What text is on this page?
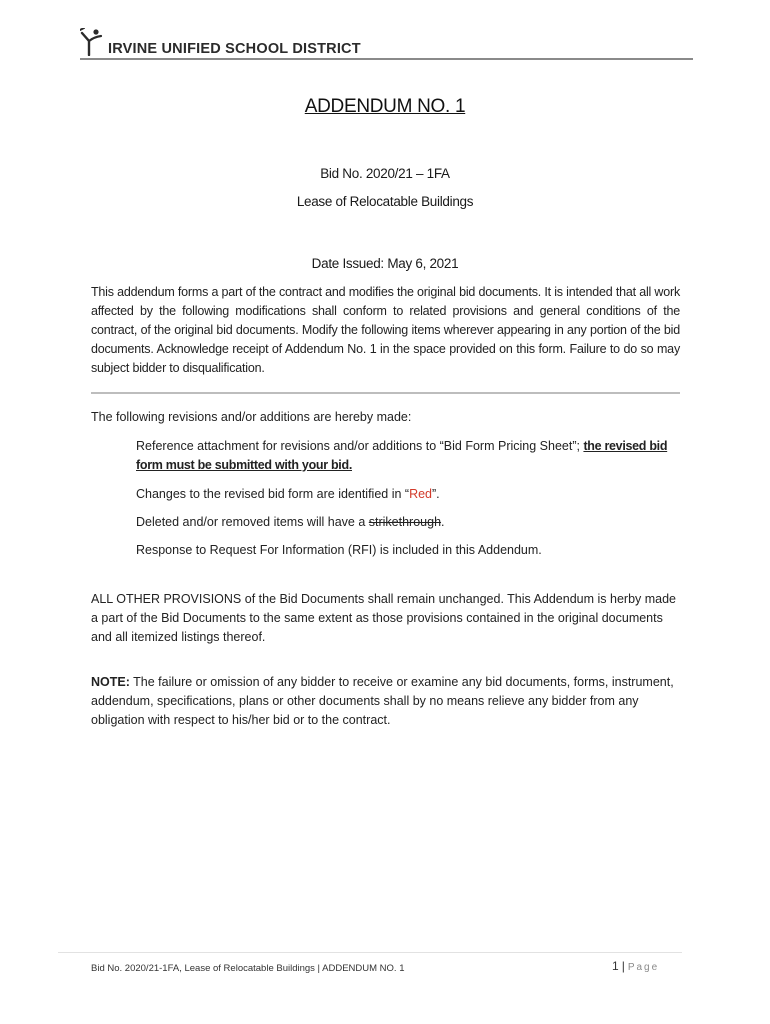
IRVINE UNIFIED SCHOOL DISTRICT
ADDENDUM NO. 1
Bid No. 2020/21 – 1FA
Lease of Relocatable Buildings
Date Issued: May 6, 2021

This addendum forms a part of the contract and modifies the original bid documents. It is intended that all work affected by the following modifications shall conform to related provisions and general conditions of the contract, of the original bid documents. Modify the following items wherever appearing in any portion of the bid documents. Acknowledge receipt of Addendum No. 1 in the space provided on this form. Failure to do so may subject bidder to disqualification.

The following revisions and/or additions are hereby made:

Reference attachment for revisions and/or additions to “Bid Form Pricing Sheet”; the revised bid form must be submitted with your bid.

Changes to the revised bid form are identified in “Red”.

Deleted and/or removed items will have a strikethrough.

Response to Request For Information (RFI) is included in this Addendum.

ALL OTHER PROVISIONS of the Bid Documents shall remain unchanged. This Addendum is herby made a part of the Bid Documents to the same extent as those provisions contained in the original documents and all itemized listings thereof.

NOTE: The failure or omission of any bidder to receive or examine any bid documents, forms, instrument, addendum, specifications, plans or other documents shall by no means relieve any bidder from any obligation with respect to his/her bid or to the contract.

Bid No. 2020/21-1FA, Lease of Relocatable Buildings | ADDENDUM NO. 1	1 | Page
